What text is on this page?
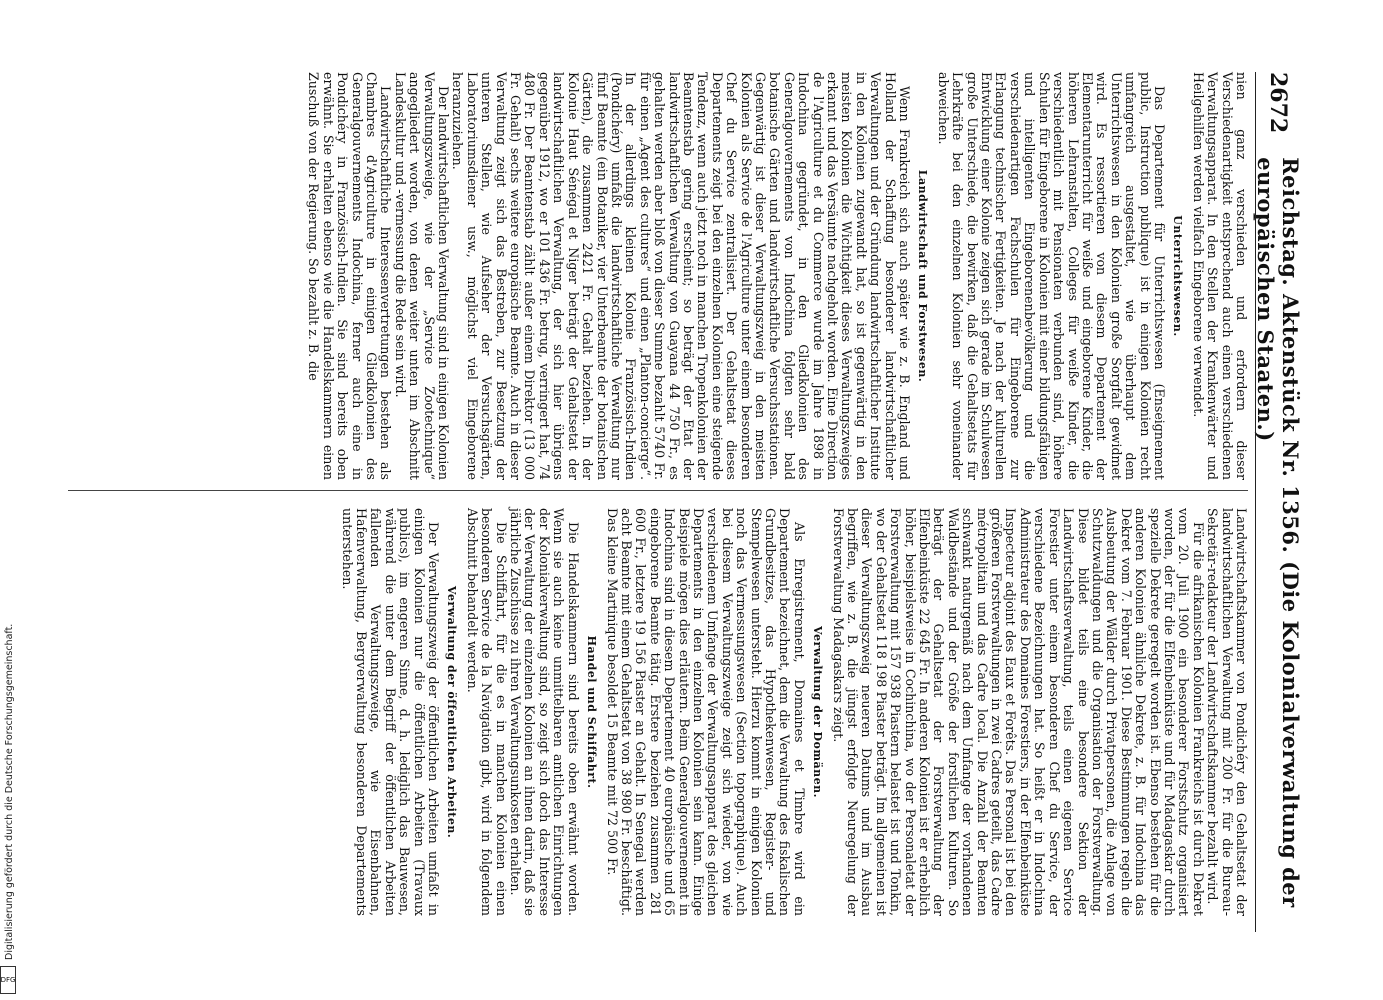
2672
Reichstag. Aktenstück Nr. 1356. (Die Kolonialverwaltung der europäischen Staaten.)

nien ganz verschieden und erfordern dieser Verschiedenartigkeit entsprechend auch einen verschiedenen Verwaltungsapparat. In den Stellen der Krankenwärter und Heilgehilfen werden vielfach Eingeborene verwendet.

Unterrichtswesen.

Das Departement für Unterrichtswesen (Enseignement public, Instruction publique) ist in einigen Kolonien recht umfangreich ausgestaltet, wie überhaupt dem Unterrichtswesen in den Kolonien große Sorgfalt gewidmet wird. Es ressortieren von diesem Departement der Elementarunterricht für weiße und eingeborene Kinder, die höheren Lehranstalten, Colleges für weiße Kinder, die verschiedentlich mit Pensionaten verbunden sind, höhere Schulen für Eingeborene in Kolonien mit einer bildungsfähigen und intelligenten Eingeborenenbevölkerung und die verschiedenartigen Fachschulen für Eingeborene zur Erlangung technischer Fertigkeiten. Je nach der kulturellen Entwicklung einer Kolonie zeigen sich gerade im Schulwesen große Unterschiede, die bewirken, daß die Gehaltsetats für Lehrkräfte bei den einzelnen Kolonien sehr voneinander abweichen.

Landwirtschaft und Forstwesen.

Wenn Frankreich sich auch später wie z. B. England und Holland der Schaffung besonderer landwirtschaftlicher Verwaltungen und der Gründung landwirtschaftlicher Institute in den Kolonien zugewandt hat, so ist gegenwärtig in den meisten Kolonien die Wichtigkeit dieses Verwaltungszweiges erkannt und das Versäumte nachgeholt worden. Eine Direction de l'Agriculture et du Commerce wurde im Jahre 1898 in Indochina gegründet, in den Gliedkolonien des Generalgouvernements von Indochina folgten sehr bald botanische Gärten und landwirtschaftliche Versuchsstationen. Gegenwärtig ist dieser Verwaltungszweig in den meisten Kolonien als Service de l'Agriculture unter einem besonderen Chef du Service zentralisiert. Der Gehaltsetat dieses Departements zeigt bei den einzelnen Kolonien eine steigende Tendenz, wenn auch jetzt noch in manchen Tropenkolonien der Beamtenstab gering erscheint; so beträgt der Etat der landwirtschaftlichen Verwaltung von Guayana 44 750 Fr., es gehalten werden aber bloß von dieser Summe bezahlt 5740 Fr. für einen „Agent des cultures“ und einen „Planton-concierge“. In der allerdings kleinen Kolonie Französisch-Indien (Pondichéry) umfaßt die landwirtschaftliche Verwaltung nur fünf Beamte (ein Botaniker, vier Unterbeamte der botanischen Gärten), die zusammen 2421 Fr. Gehalt beziehen. In der Kolonie Haut Sénégal et Niger beträgt der Gehaltsetat der landwirtschaftlichen Verwaltung, der sich hier übrigens gegenüber 1912, wo er 101 436 Fr. betrug, verringert hat, 74 480 Fr. Der Beamtenstab zählt außer einem Direktor (13 000 Fr. Gehalt) sechs weitere europäische Beamte. Auch in dieser Verwaltung zeigt sich das Bestreben, zur Besetzung der unteren Stellen, wie Aufseher der Versuchsgärten, Laboratoriumsdiener usw., möglichst viel Eingeborene heranzuziehen.

Der landwirtschaftlichen Verwaltung sind in einigen Kolonien Verwaltungszweige, wie der „Service Zootechnique“ angegliedert worden, von denen weiter unten im Abschnitt Landeskultur und -vermessung die Rede sein wird.

Landwirtschaftliche Interessenvertretungen bestehen als Chambres d'Agriculture in einigen Gliedkolonien des Generalgouvernements Indochina, ferner auch eine in Pondichéry in Französisch-Indien. Sie sind bereits oben erwähnt. Sie erhalten ebenso wie die Handelskammern einen Zuschuß von der Regierung. So bezahlt z. B. die

Landwirtschaftskammer von Pondichéry den Gehaltsetat der landwirtschaftlichen Verwaltung mit 200 Fr. für die Bureau-Sekretär-redakteur der Landwirtschaftskammer bezahlt wird.

Für die afrikanischen Kolonien Frankreichs ist durch Dekret vom 20. Juli 1900 ein besonderer Forstschutz organisiert worden, der für die Elfenbeinküste und für Madagaskar durch spezielle Dekrete geregelt worden ist. Ebenso bestehen für die anderen Kolonien ähnliche Dekrete, z. B. für Indochina das Dekret vom 7. Februar 1901. Diese Bestimmungen regeln die Ausbeutung der Wälder durch Privatpersonen, die Anlage von Schutzwaldungen und die Organisation der Forstverwaltung. Diese bildet teils eine besondere Sektion der Landwirtschaftsverwaltung, teils einen eigenen Service Forestier unter einem besonderen Chef du Service, der verschiedene Bezeichnungen hat. So heißt er in Indochina Administrateur des Domaines Forestiers, in der Elfenbeinküste Inspecteur adjoint des Eaux et Forêts. Das Personal ist bei den größeren Forstverwaltungen in zwei Cadres geteilt, das Cadre métropolitain und das Cadre local. Die Anzahl der Beamten schwankt naturgemäß nach dem Umfange der vorhandenen Waldbestände und der Größe der forstlichen Kulturen. So beträgt der Gehaltsetat der Forstverwaltung der Elfenbeinküste 22 645 Fr. In anderen Kolonien ist er erheblich höher, beispielsweise in Cochinchina, wo der Personaletat der Forstverwaltung mit 157 938 Piastern belastet ist und Tonkin, wo der Gehaltsetat 118 198 Piaster beträgt. Im allgemeinen ist dieser Verwaltungszweig neueren Datums und im Ausbau begriffen, wie z. B. die jüngst erfolgte Neuregelung der Forstverwaltung Madagaskars zeigt.

Verwaltung der Domänen.

Als Enregistrement, Domaines et Timbre wird ein Departement bezeichnet, dem die Verwaltung des fiskalischen Grundbesitzes, das Hypothekenwesen, Register- und Stempelwesen untersteht. Hierzu kommt in einigen Kolonien noch das Vermessungswesen (Section topographique). Auch bei diesem Verwaltungszweige zeigt sich wieder, von wie verschiedenem Umfange der Verwaltungsapparat des gleichen Departements in den einzelnen Kolonien sein kann. Einige Beispiele mögen dies erläutern. Beim Generalgouvernement in Indochina sind in diesem Departement 40 europäische und 65 eingeborene Beamte tätig. Erstere beziehen zusammen 281 600 Fr., letztere 19 156 Piaster an Gehalt. In Senegal werden acht Beamte mit einem Gehaltsetat von 38 980 Fr. beschäftigt. Das kleine Martinique besoldet 15 Beamte mit 72 500 Fr.

Handel und Schiffahrt.

Die Handelskammern sind bereits oben erwähnt worden. Wenn sie auch keine unmittelbaren amtlichen Einrichtungen der Kolonialverwaltung sind, so zeigt sich doch das Interesse der Verwaltung der einzelnen Kolonien an ihnen darin, daß sie jährliche Zuschüsse zu ihren Verwaltungsunkosten erhalten.

Die Schiffahrt, für die es in manchen Kolonien einen besonderen Service de la Navigation gibt, wird in folgendem Abschnitt behandelt werden.

Verwaltung der öffentlichen Arbeiten.

Der Verwaltungszweig der öffentlichen Arbeiten umfaßt in einigen Kolonien nur die öffentlichen Arbeiten (Travaux publics), im engeren Sinne, d. h. lediglich das Bauwesen, während die unter dem Begriff der öffentlichen Arbeiten fallenden Verwaltungszweige, wie Eisenbahnen, Hafenverwaltung, Bergverwaltung besonderen Departements unterstehen.

Digitalisierung gefördert durch die Deutsche Forschungsgemeinschaft.
DFG
